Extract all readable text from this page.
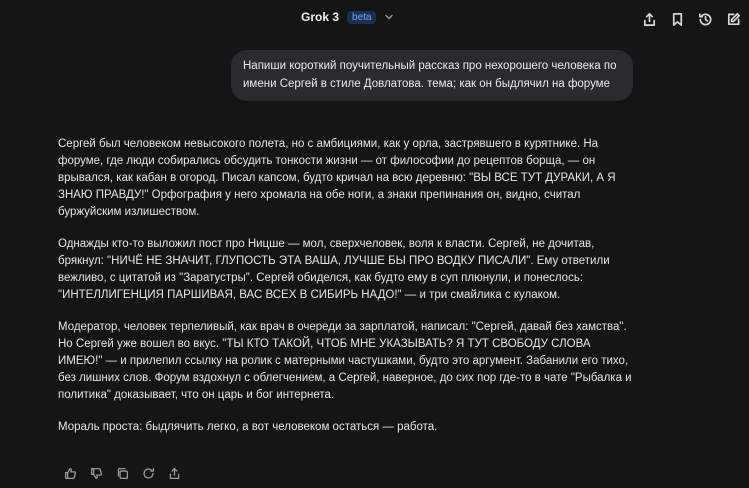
Grok 3	beta
Напиши короткий поучительный рассказ про нехорошего человека по имени Сергей в стиле Довлатова. тема; как он быдлячил на форуме

Сергей был человеком невысокого полета, но с амбициями, как у орла, застрявшего в курятнике. На форуме, где люди собирались обсудить тонкости жизни — от философии до рецептов борща, — он врывался, как кабан в огород. Писал капсом, будто кричал на всю деревню: "ВЫ ВСЕ ТУТ ДУРАКИ, А Я ЗНАЮ ПРАВДУ!" Орфография у него хромала на обе ноги, а знаки препинания он, видно, считал буржуйским излишеством.

Однажды кто-то выложил пост про Ницше — мол, сверхчеловек, воля к власти. Сергей, не дочитав, брякнул: "НИЧЁ НЕ ЗНАЧИТ, ГЛУПОСТЬ ЭТА ВАША, ЛУЧШЕ БЫ ПРО ВОДКУ ПИСАЛИ". Ему ответили вежливо, с цитатой из "Заратустры". Сергей обиделся, как будто ему в суп плюнули, и понеслось: "ИНТЕЛЛИГЕНЦИЯ ПАРШИВАЯ, ВАС ВСЕХ В СИБИРЬ НАДО!" — и три смайлика с кулаком.

Модератор, человек терпеливый, как врач в очереди за зарплатой, написал: "Сергей, давай без хамства". Но Сергей уже вошел во вкус. "ТЫ КТО ТАКОЙ, ЧТОБ МНЕ УКАЗЫВАТЬ? Я ТУТ СВОБОДУ СЛОВА ИМЕЮ!" — и прилепил ссылку на ролик с матерными частушками, будто это аргумент. Забанили его тихо, без лишних слов. Форум вздохнул с облегчением, а Сергей, наверное, до сих пор где-то в чате "Рыбалка и политика" доказывает, что он царь и бог интернета.

Мораль проста: быдлячить легко, а вот человеком остаться — работа.
